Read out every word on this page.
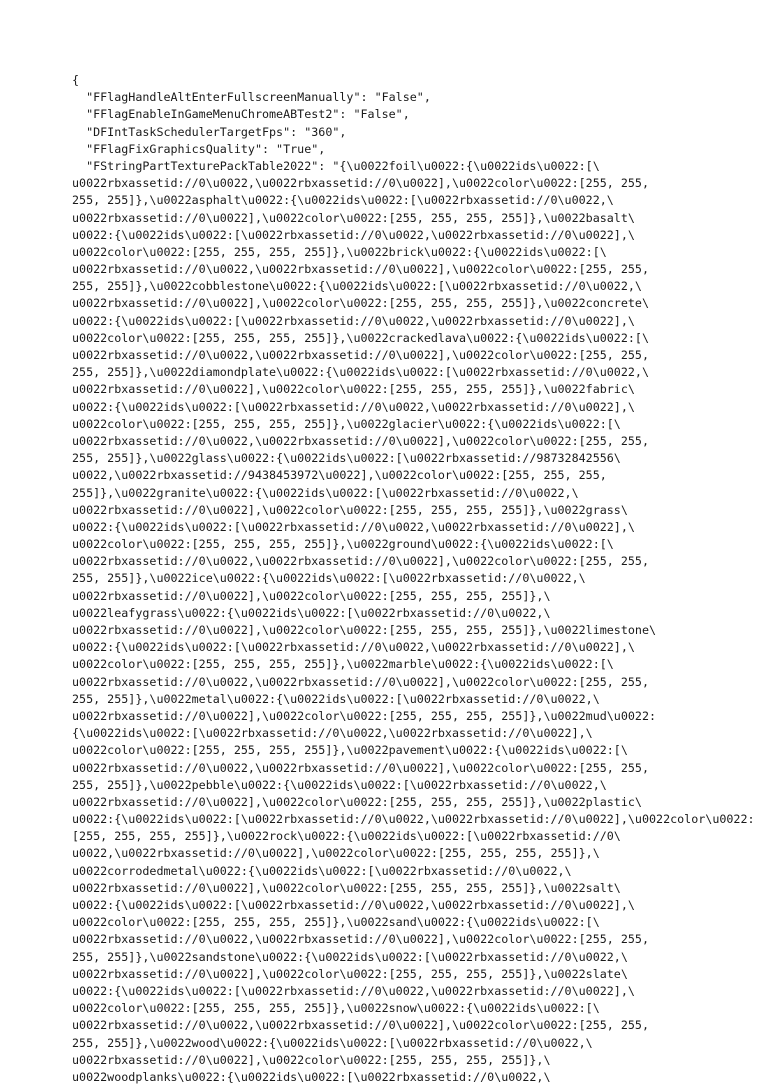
{
"FFlagHandleAltEnterFullscreenManually": "False",
"FFlagEnableInGameMenuChromeABTest2": "False",
"DFIntTaskSchedulerTargetFps": "360",
"FFlagFixGraphicsQuality": "True",
"FStringPartTexturePackTable2022": "{\u0022foil\u0022:{\u0022ids\u0022:[\
u0022rbxassetid://0\u0022,\u0022rbxassetid://0\u0022],\u0022color\u0022:[255, 255,
255, 255]},\u0022asphalt\u0022:{\u0022ids\u0022:[\u0022rbxassetid://0\u0022,\
u0022rbxassetid://0\u0022],\u0022color\u0022:[255, 255, 255, 255]},\u0022basalt\
u0022:{\u0022ids\u0022:[\u0022rbxassetid://0\u0022,\u0022rbxassetid://0\u0022],\
u0022color\u0022:[255, 255, 255, 255]},\u0022brick\u0022:{\u0022ids\u0022:[\
u0022rbxassetid://0\u0022,\u0022rbxassetid://0\u0022],\u0022color\u0022:[255, 255,
255, 255]},\u0022cobblestone\u0022:{\u0022ids\u0022:[\u0022rbxassetid://0\u0022,\
u0022rbxassetid://0\u0022],\u0022color\u0022:[255, 255, 255, 255]},\u0022concrete\
u0022:{\u0022ids\u0022:[\u0022rbxassetid://0\u0022,\u0022rbxassetid://0\u0022],\
u0022color\u0022:[255, 255, 255, 255]},\u0022crackedlava\u0022:{\u0022ids\u0022:[\
u0022rbxassetid://0\u0022,\u0022rbxassetid://0\u0022],\u0022color\u0022:[255, 255,
255, 255]},\u0022diamondplate\u0022:{\u0022ids\u0022:[\u0022rbxassetid://0\u0022,\
u0022rbxassetid://0\u0022],\u0022color\u0022:[255, 255, 255, 255]},\u0022fabric\
u0022:{\u0022ids\u0022:[\u0022rbxassetid://0\u0022,\u0022rbxassetid://0\u0022],\
u0022color\u0022:[255, 255, 255, 255]},\u0022glacier\u0022:{\u0022ids\u0022:[\
u0022rbxassetid://0\u0022,\u0022rbxassetid://0\u0022],\u0022color\u0022:[255, 255,
255, 255]},\u0022glass\u0022:{\u0022ids\u0022:[\u0022rbxassetid://98732842556\
u0022,\u0022rbxassetid://9438453972\u0022],\u0022color\u0022:[255, 255, 255,
255]},\u0022granite\u0022:{\u0022ids\u0022:[\u0022rbxassetid://0\u0022,\
u0022rbxassetid://0\u0022],\u0022color\u0022:[255, 255, 255, 255]},\u0022grass\
u0022:{\u0022ids\u0022:[\u0022rbxassetid://0\u0022,\u0022rbxassetid://0\u0022],\
u0022color\u0022:[255, 255, 255, 255]},\u0022ground\u0022:{\u0022ids\u0022:[\
u0022rbxassetid://0\u0022,\u0022rbxassetid://0\u0022],\u0022color\u0022:[255, 255,
255, 255]},\u0022ice\u0022:{\u0022ids\u0022:[\u0022rbxassetid://0\u0022,\
u0022rbxassetid://0\u0022],\u0022color\u0022:[255, 255, 255, 255]},\
u0022leafygrass\u0022:{\u0022ids\u0022:[\u0022rbxassetid://0\u0022,\
u0022rbxassetid://0\u0022],\u0022color\u0022:[255, 255, 255, 255]},\u0022limestone\
u0022:{\u0022ids\u0022:[\u0022rbxassetid://0\u0022,\u0022rbxassetid://0\u0022],\
u0022color\u0022:[255, 255, 255, 255]},\u0022marble\u0022:{\u0022ids\u0022:[\
u0022rbxassetid://0\u0022,\u0022rbxassetid://0\u0022],\u0022color\u0022:[255, 255,
255, 255]},\u0022metal\u0022:{\u0022ids\u0022:[\u0022rbxassetid://0\u0022,\
u0022rbxassetid://0\u0022],\u0022color\u0022:[255, 255, 255, 255]},\u0022mud\u0022:
{\u0022ids\u0022:[\u0022rbxassetid://0\u0022,\u0022rbxassetid://0\u0022],\
u0022color\u0022:[255, 255, 255, 255]},\u0022pavement\u0022:{\u0022ids\u0022:[\
u0022rbxassetid://0\u0022,\u0022rbxassetid://0\u0022],\u0022color\u0022:[255, 255,
255, 255]},\u0022pebble\u0022:{\u0022ids\u0022:[\u0022rbxassetid://0\u0022,\
u0022rbxassetid://0\u0022],\u0022color\u0022:[255, 255, 255, 255]},\u0022plastic\
u0022:{\u0022ids\u0022:[\u0022rbxassetid://0\u0022,\u0022rbxassetid://0\u0022],\u0022color\u0022:
[255, 255, 255, 255]},\u0022rock\u0022:{\u0022ids\u0022:[\u0022rbxassetid://0\
u0022,\u0022rbxassetid://0\u0022],\u0022color\u0022:[255, 255, 255, 255]},\
u0022corrodedmetal\u0022:{\u0022ids\u0022:[\u0022rbxassetid://0\u0022,\
u0022rbxassetid://0\u0022],\u0022color\u0022:[255, 255, 255, 255]},\u0022salt\
u0022:{\u0022ids\u0022:[\u0022rbxassetid://0\u0022,\u0022rbxassetid://0\u0022],\
u0022color\u0022:[255, 255, 255, 255]},\u0022sand\u0022:{\u0022ids\u0022:[\
u0022rbxassetid://0\u0022,\u0022rbxassetid://0\u0022],\u0022color\u0022:[255, 255,
255, 255]},\u0022sandstone\u0022:{\u0022ids\u0022:[\u0022rbxassetid://0\u0022,\
u0022rbxassetid://0\u0022],\u0022color\u0022:[255, 255, 255, 255]},\u0022slate\
u0022:{\u0022ids\u0022:[\u0022rbxassetid://0\u0022,\u0022rbxassetid://0\u0022],\
u0022color\u0022:[255, 255, 255, 255]},\u0022snow\u0022:{\u0022ids\u0022:[\
u0022rbxassetid://0\u0022,\u0022rbxassetid://0\u0022],\u0022color\u0022:[255, 255,
255, 255]},\u0022wood\u0022:{\u0022ids\u0022:[\u0022rbxassetid://0\u0022,\
u0022rbxassetid://0\u0022],\u0022color\u0022:[255, 255, 255, 255]},\
u0022woodplanks\u0022:{\u0022ids\u0022:[\u0022rbxassetid://0\u0022,\
